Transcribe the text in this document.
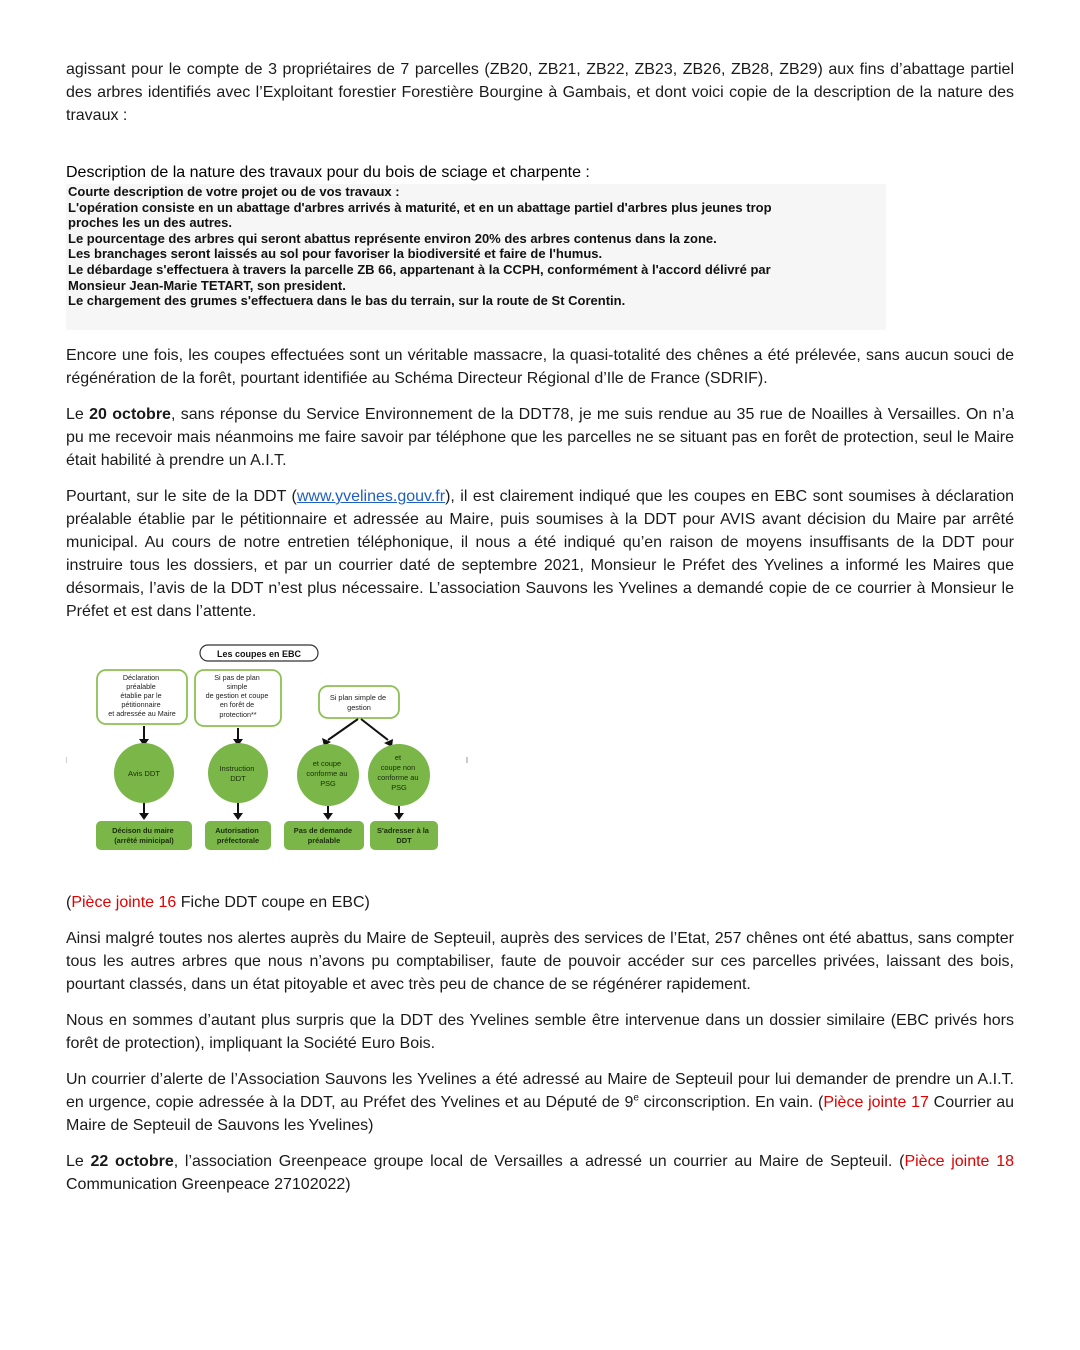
agissant pour le compte de 3 propriétaires de 7 parcelles (ZB20, ZB21, ZB22, ZB23, ZB26, ZB28, ZB29) aux fins d’abattage partiel des arbres identifiés avec l’Exploitant forestier Forestière Bourgine à Gambais, et dont voici copie de la description de la nature des travaux :

Description de la nature des travaux pour du bois de sciage et charpente :

Courte description de votre projet ou de vos travaux :
L'opération consiste en un abattage d'arbres arrivés à maturité, et en un abattage partiel d'arbres plus jeunes trop
proches les un des autres.
Le pourcentage des arbres qui seront abattus représente environ 20% des arbres contenus dans la zone.
Les branchages seront laissés au sol pour favoriser la biodiversité et faire de l'humus.
Le débardage s'effectuera à travers la parcelle ZB 66, appartenant à la CCPH, conformément à l'accord délivré par
Monsieur Jean-Marie TETART, son president.
Le chargement des grumes s'effectuera dans le bas du terrain, sur la route de St Corentin.

Encore une fois, les coupes effectuées sont un véritable massacre, la quasi-totalité des chênes a été prélevée, sans aucun souci de régénération de la forêt, pourtant identifiée au Schéma Directeur Régional d’Ile de France (SDRIF).

Le 20 octobre, sans réponse du Service Environnement de la DDT78, je me suis rendue au 35 rue de Noailles à Versailles. On n’a pu me recevoir mais néanmoins me faire savoir par téléphone que les parcelles ne se situant pas en forêt de protection, seul le Maire était habilité à prendre un A.I.T.

Pourtant, sur le site de la DDT (www.yvelines.gouv.fr), il est clairement indiqué que les coupes en EBC sont soumises à déclaration préalable établie par le pétitionnaire et adressée au Maire, puis soumises à la DDT pour AVIS avant décision du Maire par arrêté municipal. Au cours de notre entretien téléphonique, il nous a été indiqué qu’en raison de moyens insuffisants de la DDT pour instruire tous les dossiers, et par un courrier daté de septembre 2021, Monsieur le Préfet des Yvelines a informé les Maires que désormais, l’avis de la DDT n’est plus nécessaire. L’association Sauvons les Yvelines a demandé copie de ce courrier à Monsieur le Préfet et est dans l’attente.

Les coupes en EBC
Déclaration préalable établie par le pétitionnaire et adressée au Maire
Si pas de plan simple de gestion et coupe en forêt de protection**
Si plan simple de gestion
Avis DDT
Instruction DDT
et coupe conforme au PSG
et coupe non conforme au PSG
Décison du maire (arrêté minicipal)
Autorisation préfectorale
Pas de demande préalable
S'adresser à la DDT

(Pièce jointe 16 Fiche DDT coupe en EBC)

Ainsi malgré toutes nos alertes auprès du Maire de Septeuil, auprès des services de l’Etat, 257 chênes ont été abattus, sans compter tous les autres arbres que nous n’avons pu comptabiliser, faute de pouvoir accéder sur ces parcelles privées, laissant des bois, pourtant classés, dans un état pitoyable et avec très peu de chance de se régénérer rapidement.

Nous en sommes d’autant plus surpris que la DDT des Yvelines semble être intervenue dans un dossier similaire (EBC privés hors forêt de protection), impliquant la Société Euro Bois.

Un courrier d’alerte de l’Association Sauvons les Yvelines a été adressé au Maire de Septeuil pour lui demander de prendre un A.I.T. en urgence, copie adressée à la DDT, au Préfet des Yvelines et au Député de 9e circonscription. En vain. (Pièce jointe 17 Courrier au Maire de Septeuil de Sauvons les Yvelines)

Le 22 octobre, l’association Greenpeace groupe local de Versailles a adressé un courrier au Maire de Septeuil. (Pièce jointe 18 Communication Greenpeace 27102022)
